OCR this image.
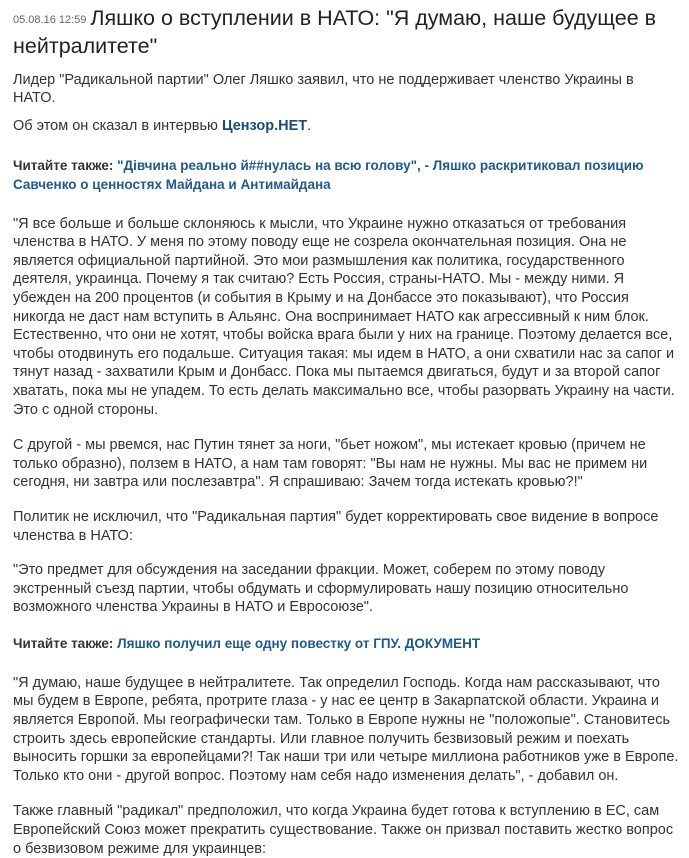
05.08.16 12:59 Ляшко о вступлении в НАТО: "Я думаю, наше будущее в нейтралитете"

Лидер "Радикальной партии" Олег Ляшко заявил, что не поддерживает членство Украины в НАТО.

Об этом он сказал в интервью Цензор.НЕТ.

Читайте также: "Дівчина реально й##нулась на всю голову", - Ляшко раскритиковал позицию Савченко о ценностях Майдана и Антимайдана

"Я все больше и больше склоняюсь к мысли, что Украине нужно отказаться от требования членства в НАТО. У меня по этому поводу еще не созрела окончательная позиция. Она не является официальной партийной. Это мои размышления как политика, государственного деятеля, украинца. Почему я так считаю? Есть Россия, страны-НАТО. Мы - между ними. Я убежден на 200 процентов (и события в Крыму и на Донбассе это показывают), что Россия никогда не даст нам вступить в Альянс. Она воспринимает НАТО как агрессивный к ним блок. Естественно, что они не хотят, чтобы войска врага были у них на границе. Поэтому делается все, чтобы отодвинуть его подальше. Ситуация такая: мы идем в НАТО, а они схватили нас за сапог и тянут назад - захватили Крым и Донбасс. Пока мы пытаемся двигаться, будут и за второй сапог хватать, пока мы не упадем. То есть делать максимально все, чтобы разорвать Украину на части. Это с одной стороны.

С другой - мы рвемся, нас Путин тянет за ноги, "бьет ножом", мы истекает кровью (причем не только образно), ползем в НАТО, а нам там говорят: "Вы нам не нужны. Мы вас не примем ни сегодня, ни завтра или послезавтра". Я спрашиваю: Зачем тогда истекать кровью?!"

Политик не исключил, что "Радикальная партия" будет корректировать свое видение в вопросе членства в НАТО:

"Это предмет для обсуждения на заседании фракции. Может, соберем по этому поводу экстренный съезд партии, чтобы обдумать и сформулировать нашу позицию относительно возможного членства Украины в НАТО и Евросоюзе".

Читайте также: Ляшко получил еще одну повестку от ГПУ. ДОКУМЕНТ

"Я думаю, наше будущее в нейтралитете. Так определил Господь. Когда нам рассказывают, что мы будем в Европе, ребята, протрите глаза - у нас ее центр в Закарпатской области. Украина и является Европой. Мы географически там. Только в Европе нужны не "положопые". Становитесь строить здесь европейские стандарты. Или главное получить безвизовый режим и поехать выносить горшки за европейцами?! Так наши три или четыре миллиона работников уже в Европе. Только кто они - другой вопрос. Поэтому нам себя надо изменения делать", - добавил он.

Также главный "радикал" предположил, что когда Украина будет готова к вступлению в ЕС, сам Европейский Союз может прекратить существование. Также он призвал поставить жестко вопрос о безвизовом режиме для украинцев:
